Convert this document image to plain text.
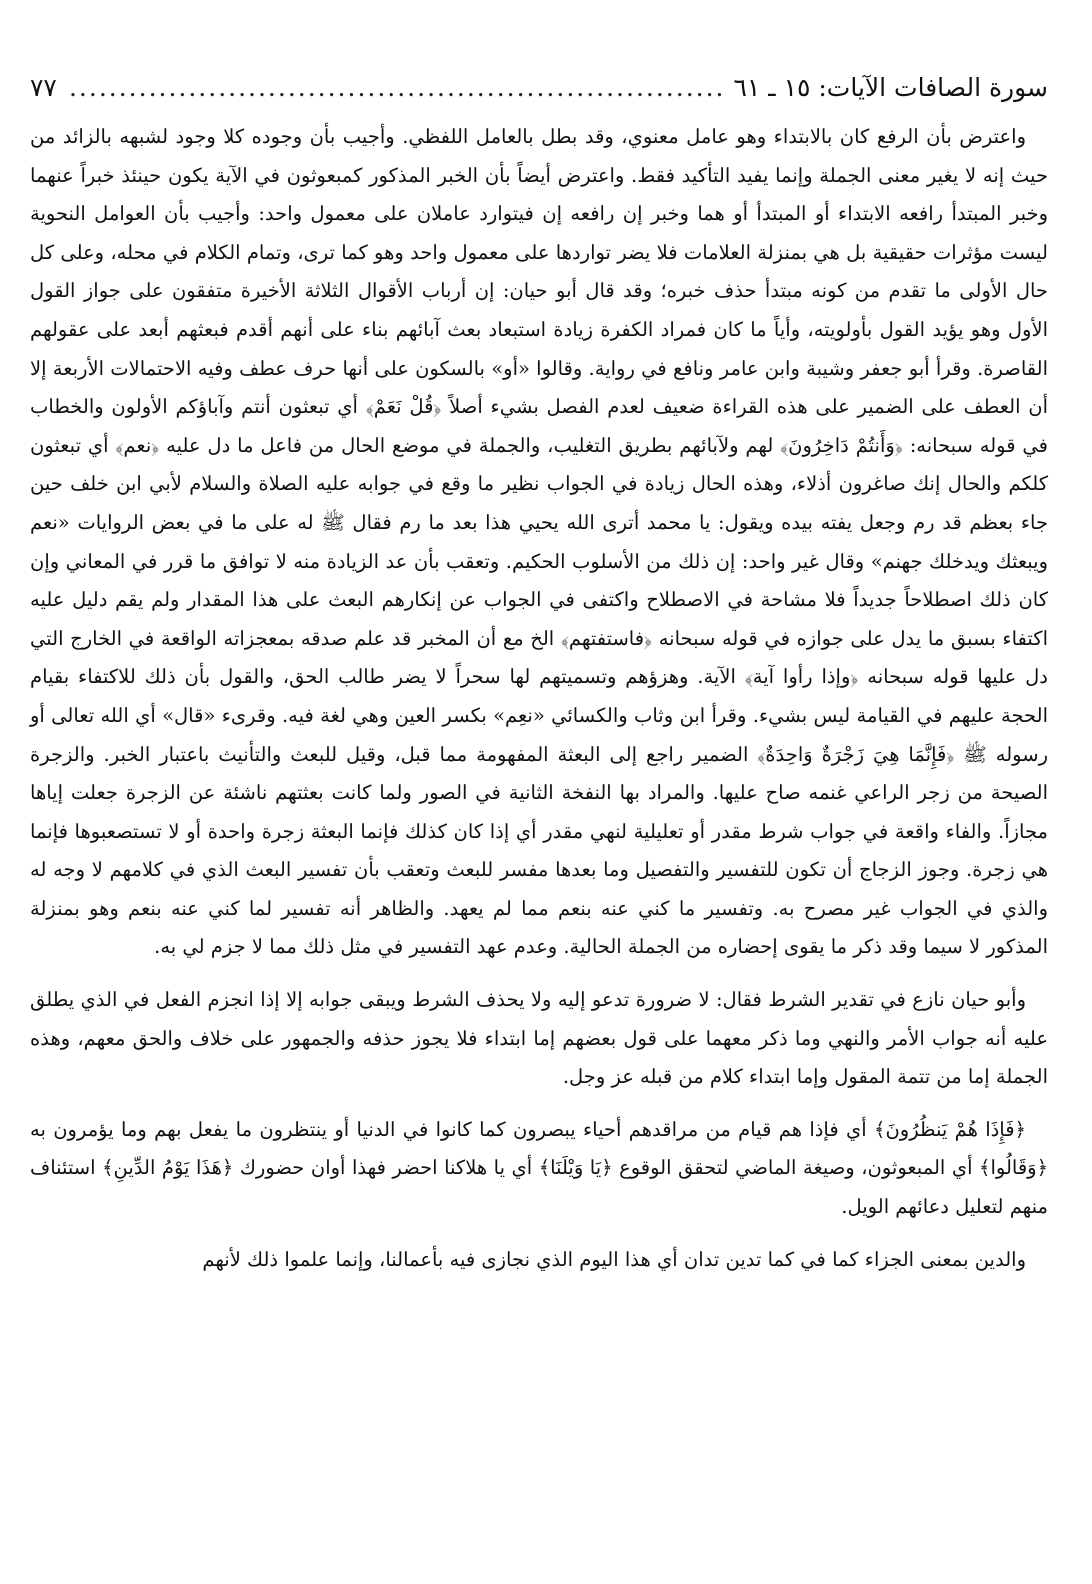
سورة الصافات الآيات: ١٥ ـ ٦١
.....
٧٧

واعترض بأن الرفع كان بالابتداء وهو عامل معنوي، وقد بطل بالعامل اللفظي. وأجيب بأن وجوده كلا وجود لشبهه بالزائد من حيث إنه لا يغير معنى الجملة وإنما يفيد التأكيد فقط. واعترض أيضاً بأن الخبر المذكور كمبعوثون في الآية يكون حينئذ خبراً عنهما وخبر المبتدأ رافعه الابتداء أو المبتدأ أو هما وخبر إن رافعه إن فيتوارد عاملان على معمول واحد: وأجيب بأن العوامل النحوية ليست مؤثرات حقيقية بل هي بمنزلة العلامات فلا يضر تواردها على معمول واحد وهو كما ترى، وتمام الكلام في محله، وعلى كل حال الأولى ما تقدم من كونه مبتدأ حذف خبره؛ وقد قال أبو حيان: إن أرباب الأقوال الثلاثة الأخيرة متفقون على جواز القول الأول وهو يؤيد القول بأولويته، وأياً ما كان فمراد الكفرة زيادة استبعاد بعث آبائهم بناء على أنهم أقدم فبعثهم أبعد على عقولهم القاصرة. وقرأ أبو جعفر وشيبة وابن عامر ونافع في رواية. وقالوا «أو» بالسكون على أنها حرف عطف وفيه الاحتمالات الأربعة إلا أن العطف على الضمير على هذه القراءة ضعيف لعدم الفصل بشيء أصلاً ﴿قُلْ نَعَمْ﴾ أي تبعثون أنتم وآباؤكم الأولون والخطاب في قوله سبحانه: ﴿وَأَنتُمْ دَاخِرُونَ﴾ لهم ولآبائهم بطريق التغليب، والجملة في موضع الحال من فاعل ما دل عليه ﴿نعم﴾ أي تبعثون كلكم والحال إنك صاغرون أذلاء، وهذه الحال زيادة في الجواب نظير ما وقع في جوابه عليه الصلاة والسلام لأبي ابن خلف حين جاء بعظم قد رم وجعل يفته بيده ويقول: يا محمد أترى الله يحيي هذا بعد ما رم فقال ﷺ له على ما في بعض الروايات «نعم ويبعثك ويدخلك جهنم» وقال غير واحد: إن ذلك من الأسلوب الحكيم. وتعقب بأن عد الزيادة منه لا توافق ما قرر في المعاني وإن كان ذلك اصطلاحاً جديداً فلا مشاحة في الاصطلاح واكتفى في الجواب عن إنكارهم البعث على هذا المقدار ولم يقم دليل عليه اكتفاء بسبق ما يدل على جوازه في قوله سبحانه ﴿فاستفتهم﴾ الخ مع أن المخبر قد علم صدقه بمعجزاته الواقعة في الخارج التي دل عليها قوله سبحانه ﴿وإذا رأوا آية﴾ الآية. وهزؤهم وتسميتهم لها سحراً لا يضر طالب الحق، والقول بأن ذلك للاكتفاء بقيام الحجة عليهم في القيامة ليس بشيء. وقرأ ابن وثاب والكسائي «نعِم» بكسر العين وهي لغة فيه. وقرىء «قال» أي الله تعالى أو رسوله ﷺ ﴿فَإِنَّمَا هِيَ زَجْرَةٌ وَاحِدَةٌ﴾ الضمير راجع إلى البعثة المفهومة مما قبل، وقيل للبعث والتأنيث باعتبار الخبر. والزجرة الصيحة من زجر الراعي غنمه صاح عليها. والمراد بها النفخة الثانية في الصور ولما كانت بعثتهم ناشئة عن الزجرة جعلت إياها مجازاً. والفاء واقعة في جواب شرط مقدر أو تعليلية لنهي مقدر أي إذا كان كذلك فإنما البعثة زجرة واحدة أو لا تستصعبوها فإنما هي زجرة. وجوز الزجاج أن تكون للتفسير والتفصيل وما بعدها مفسر للبعث وتعقب بأن تفسير البعث الذي في كلامهم لا وجه له والذي في الجواب غير مصرح به. وتفسير ما كني عنه بنعم مما لم يعهد. والظاهر أنه تفسير لما كني عنه بنعم وهو بمنزلة المذكور لا سيما وقد ذكر ما يقوى إحضاره من الجملة الحالية. وعدم عهد التفسير في مثل ذلك مما لا جزم لي به.

وأبو حيان نازع في تقدير الشرط فقال: لا ضرورة تدعو إليه ولا يحذف الشرط ويبقى جوابه إلا إذا انجزم الفعل في الذي يطلق عليه أنه جواب الأمر والنهي وما ذكر معهما على قول بعضهم إما ابتداء فلا يجوز حذفه والجمهور على خلاف والحق معهم، وهذه الجملة إما من تتمة المقول وإما ابتداء كلام من قبله عز وجل.

﴿فَإِذَا هُمْ يَنظُرُونَ﴾ أي فإذا هم قيام من مراقدهم أحياء يبصرون كما كانوا في الدنيا أو ينتظرون ما يفعل بهم وما يؤمرون به ﴿وَقَالُوا﴾ أي المبعوثون، وصيغة الماضي لتحقق الوقوع ﴿يَا وَيْلَنَا﴾ أي يا هلاكنا احضر فهذا أوان حضورك ﴿هَذَا يَوْمُ الدِّينِ﴾ استئناف منهم لتعليل دعائهم الويل.

والدين بمعنى الجزاء كما في كما تدين تدان أي هذا اليوم الذي نجازى فيه بأعمالنا، وإنما علموا ذلك لأنهم
